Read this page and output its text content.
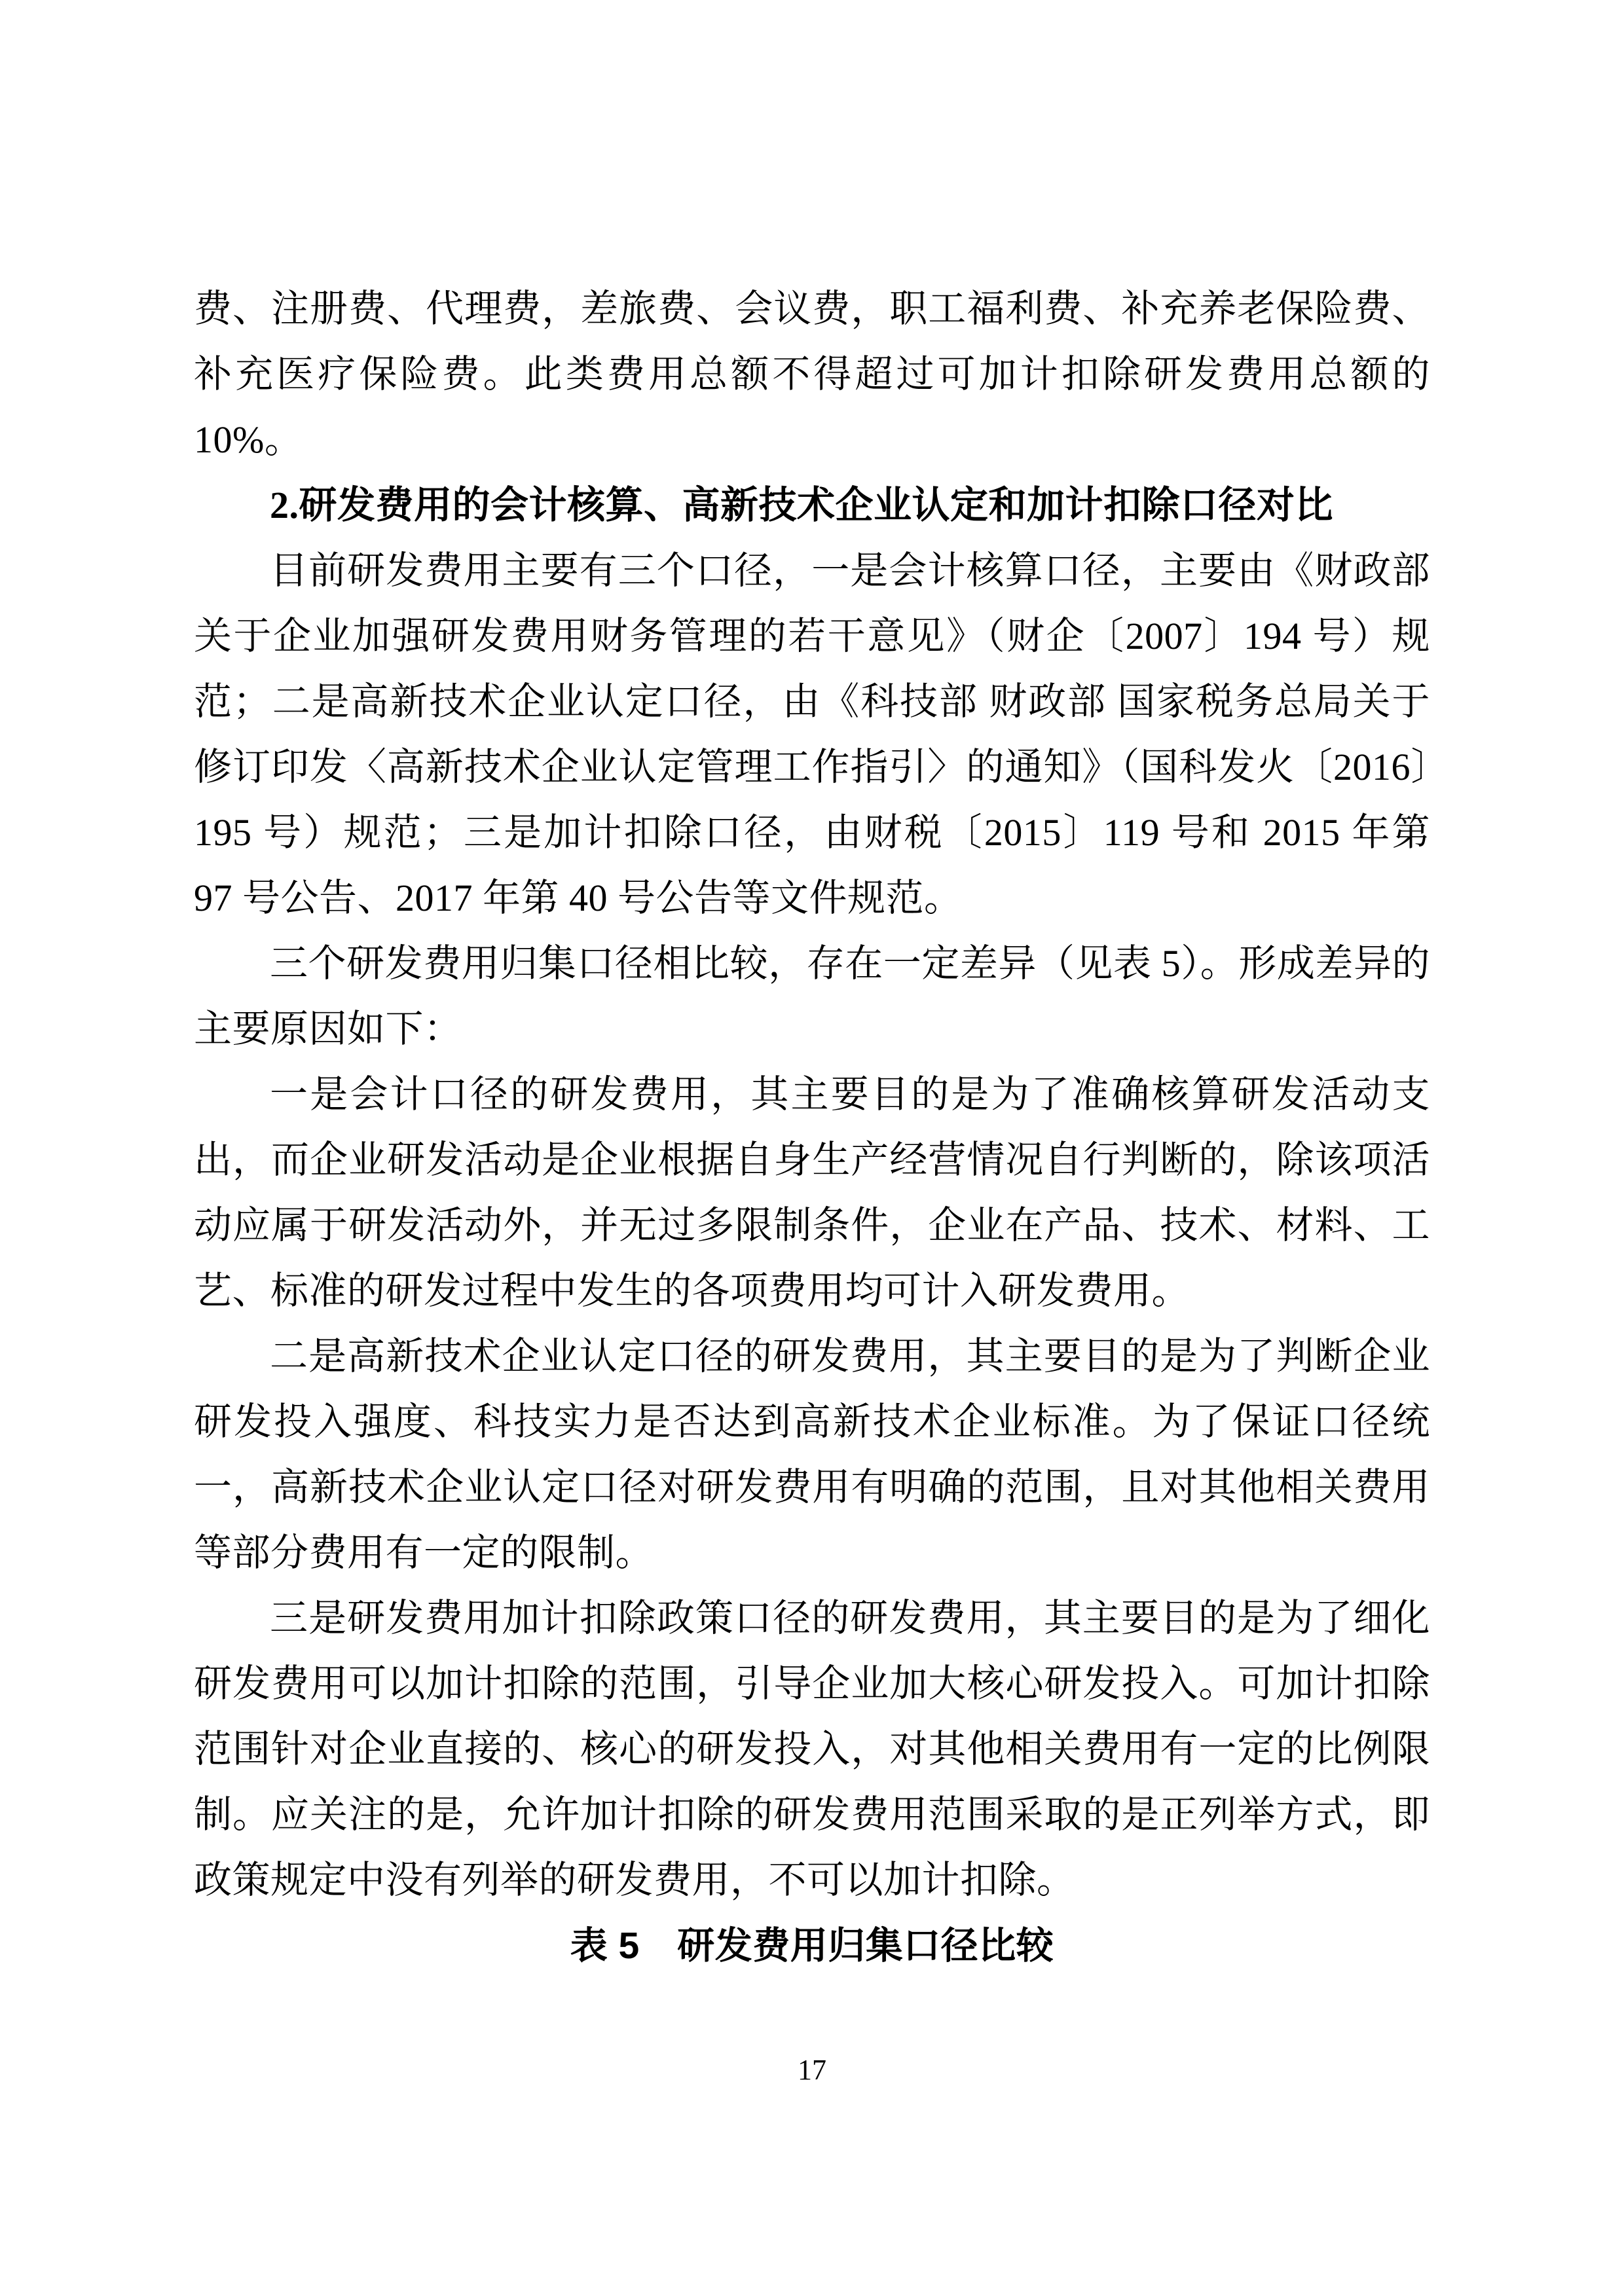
费、注册费、代理费，差旅费、会议费，职工福利费、补充养老保险费、补充医疗保险费。此类费用总额不得超过可加计扣除研发费用总额的 10%。

2.研发费用的会计核算、高新技术企业认定和加计扣除口径对比

目前研发费用主要有三个口径，一是会计核算口径，主要由《财政部关于企业加强研发费用财务管理的若干意见》（财企〔2007〕194 号）规范；二是高新技术企业认定口径，由《科技部 财政部 国家税务总局关于修订印发〈高新技术企业认定管理工作指引〉的通知》（国科发火〔2016〕195 号）规范；三是加计扣除口径，由财税〔2015〕119 号和 2015 年第 97 号公告、2017 年第 40 号公告等文件规范。

三个研发费用归集口径相比较，存在一定差异（见表 5）。形成差异的主要原因如下：

一是会计口径的研发费用，其主要目的是为了准确核算研发活动支出，而企业研发活动是企业根据自身生产经营情况自行判断的，除该项活动应属于研发活动外，并无过多限制条件，企业在产品、技术、材料、工艺、标准的研发过程中发生的各项费用均可计入研发费用。

二是高新技术企业认定口径的研发费用，其主要目的是为了判断企业研发投入强度、科技实力是否达到高新技术企业标准。为了保证口径统一，高新技术企业认定口径对研发费用有明确的范围，且对其他相关费用等部分费用有一定的限制。

三是研发费用加计扣除政策口径的研发费用，其主要目的是为了细化研发费用可以加计扣除的范围，引导企业加大核心研发投入。可加计扣除范围针对企业直接的、核心的研发投入，对其他相关费用有一定的比例限制。应关注的是，允许加计扣除的研发费用范围采取的是正列举方式，即政策规定中没有列举的研发费用，不可以加计扣除。

表 5　研发费用归集口径比较

17
